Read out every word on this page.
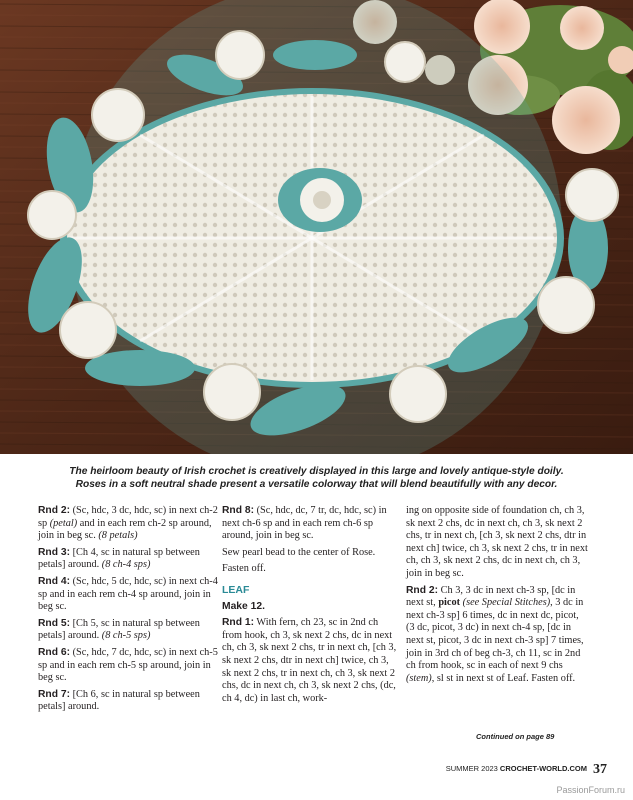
The heirloom beauty of Irish crochet is creatively displayed in this large and lovely antique-style doily.
Roses in a soft neutral shade present a versatile colorway that will blend beautifully with any decor.

Rnd 2: (Sc, hdc, 3 dc, hdc, sc) in next ch-2 sp (petal) and in each rem ch-2 sp around, join in beg sc. (8 petals)

Rnd 3: [Ch 4, sc in natural sp between petals] around. (8 ch-4 sps)

Rnd 4: (Sc, hdc, 5 dc, hdc, sc) in next ch-4 sp and in each rem ch-4 sp around, join in beg sc.

Rnd 5: [Ch 5, sc in natural sp between petals] around. (8 ch-5 sps)

Rnd 6: (Sc, hdc, 7 dc, hdc, sc) in next ch-5 sp and in each rem ch-5 sp around, join in beg sc.

Rnd 7: [Ch 6, sc in natural sp between petals] around.

Rnd 8: (Sc, hdc, dc, 7 tr, dc, hdc, sc) in next ch-6 sp and in each rem ch-6 sp around, join in beg sc.

Sew pearl bead to the center of Rose.

Fasten off.

LEAF
Make 12.

Rnd 1: With fern, ch 23, sc in 2nd ch from hook, ch 3, sk next 2 chs, dc in next ch, ch 3, sk next 2 chs, tr in next ch, [ch 3, sk next 2 chs, dtr in next ch] twice, ch 3, sk next 2 chs, tr in next ch, ch 3, sk next 2 chs, dc in next ch, ch 3, sk next 2 chs, (dc, ch 4, dc) in last ch, work-

ing on opposite side of foundation ch, ch 3, sk next 2 chs, dc in next ch, ch 3, sk next 2 chs, tr in next ch, [ch 3, sk next 2 chs, dtr in next ch] twice, ch 3, sk next 2 chs, tr in next ch, ch 3, sk next 2 chs, dc in next ch, ch 3, join in beg sc.

Rnd 2: Ch 3, 3 dc in next ch-3 sp, [dc in next st, picot (see Special Stitches), 3 dc in next ch-3 sp] 6 times, dc in next dc, picot, (3 dc, picot, 3 dc) in next ch-4 sp, [dc in next st, picot, 3 dc in next ch-3 sp] 7 times, join in 3rd ch of beg ch-3, ch 11, sc in 2nd ch from hook, sc in each of next 9 chs (stem), sl st in next st of Leaf. Fasten off.

Continued on page 89
SUMMER 2023 CROCHET-WORLD.COM 37
PassionForum.ru
